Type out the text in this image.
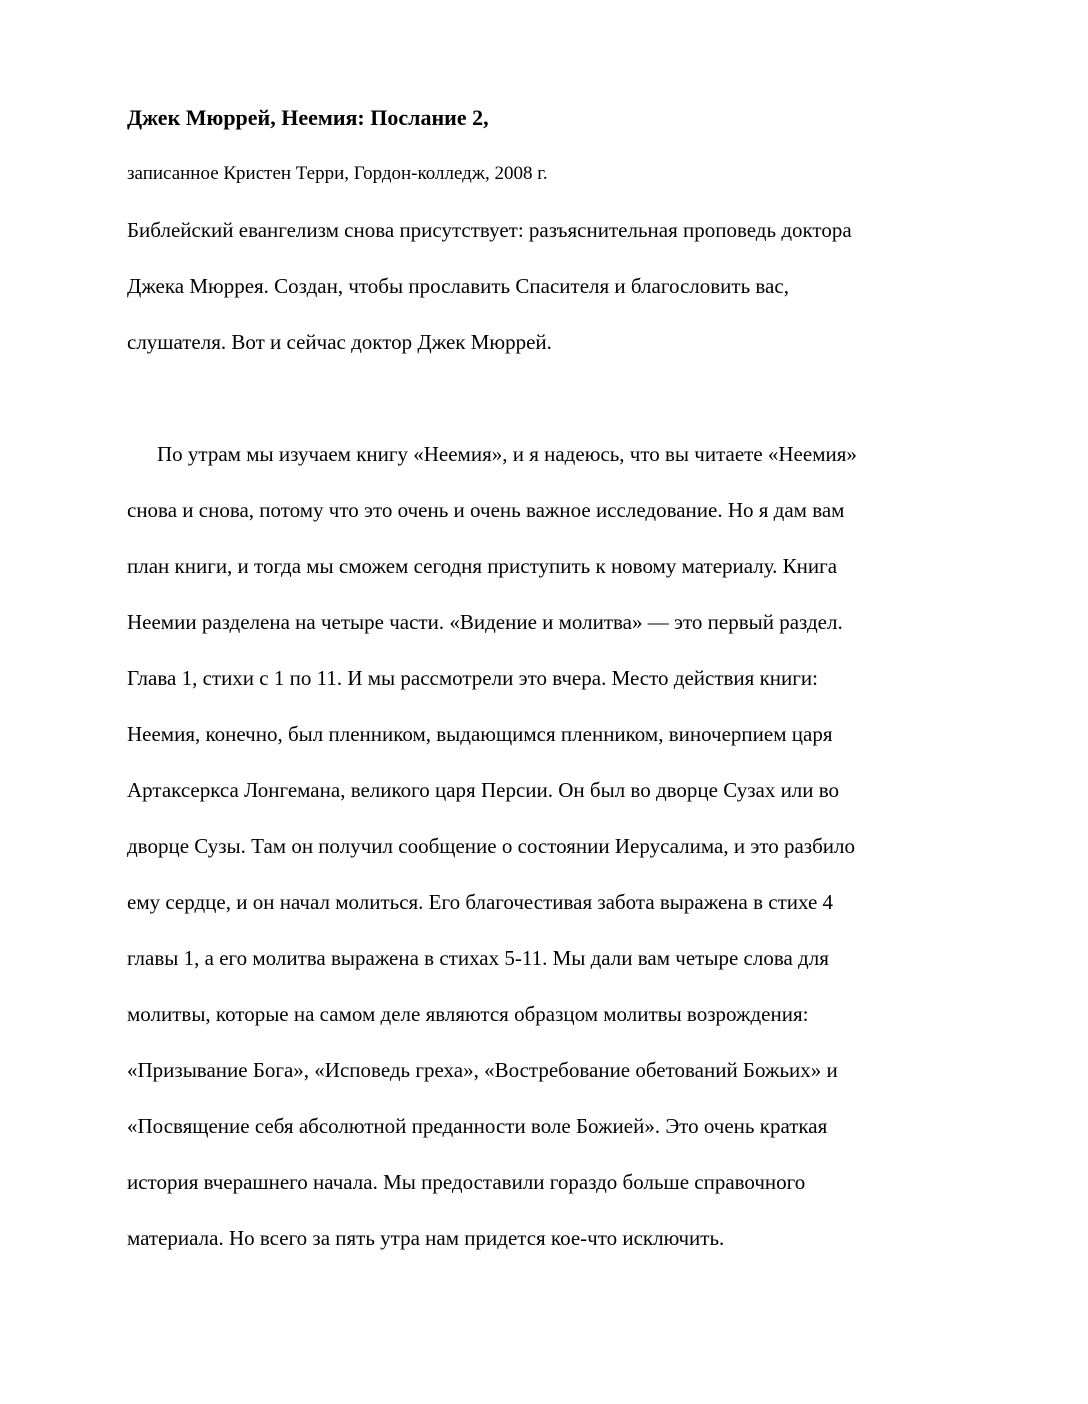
Джек Мюррей, Неемия: Послание 2,
записанное Кристен Терри, Гордон-колледж, 2008 г.
Библейский евангелизм снова присутствует: разъяснительная проповедь доктора
Джека Мюррея. Создан, чтобы прославить Спасителя и благословить вас,
слушателя. Вот и сейчас доктор Джек Мюррей.
По утрам мы изучаем книгу «Неемия», и я надеюсь, что вы читаете «Неемия»
снова и снова, потому что это очень и очень важное исследование. Но я дам вам
план книги, и тогда мы сможем сегодня приступить к новому материалу. Книга
Неемии разделена на четыре части. «Видение и молитва» — это первый раздел.
Глава 1, стихи с 1 по 11. И мы рассмотрели это вчера. Место действия книги:
Неемия, конечно, был пленником, выдающимся пленником, виночерпием царя
Артаксеркса Лонгемана, великого царя Персии. Он был во дворце Сузах или во
дворце Сузы. Там он получил сообщение о состоянии Иерусалима, и это разбило
ему сердце, и он начал молиться. Его благочестивая забота выражена в стихе 4
главы 1, а его молитва выражена в стихах 5-11. Мы дали вам четыре слова для
молитвы, которые на самом деле являются образцом молитвы возрождения:
«Призывание Бога», «Исповедь греха», «Востребование обетований Божьих» и
«Посвящение себя абсолютной преданности воле Божией». Это очень краткая
история вчерашнего начала. Мы предоставили гораздо больше справочного
материала. Но всего за пять утра нам придется кое-что исключить.
